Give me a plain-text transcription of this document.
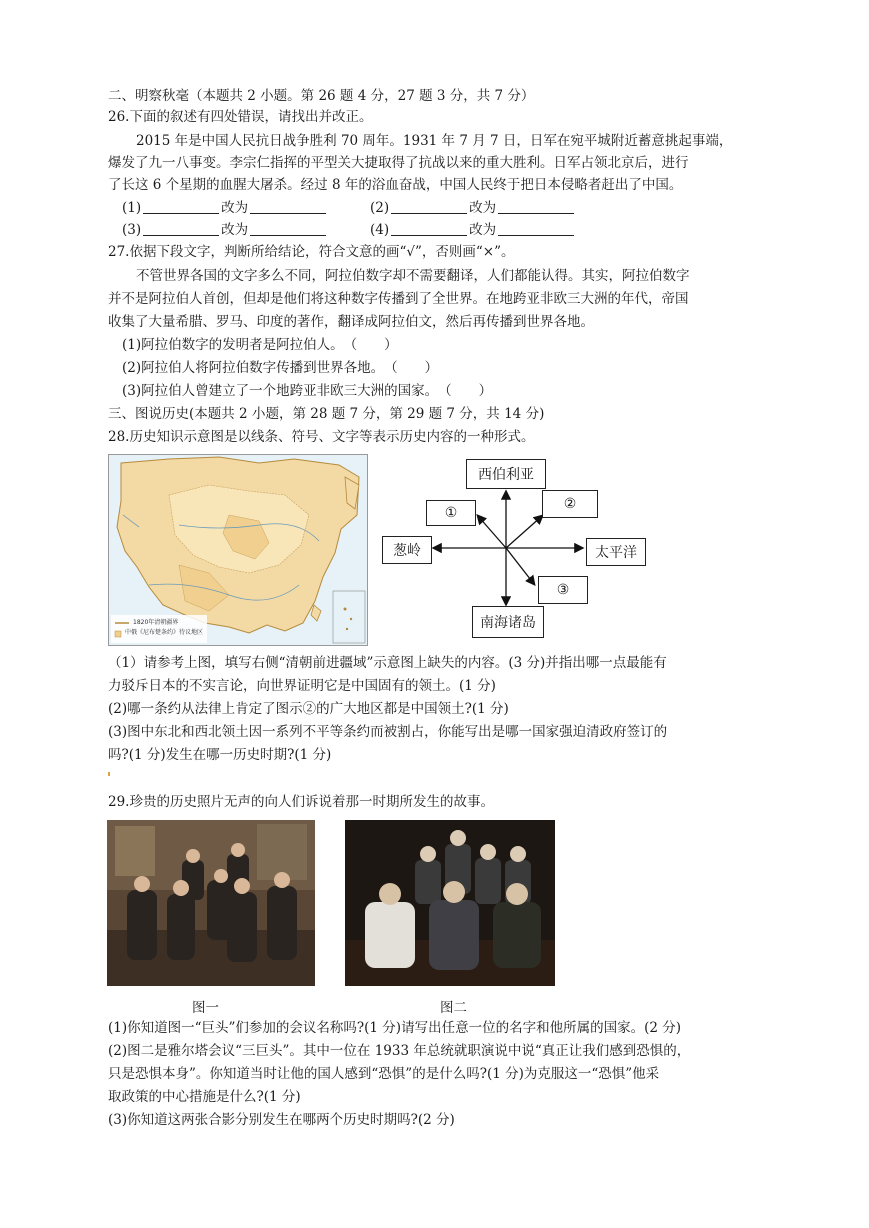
二、明察秋毫（本题共 2 小题。第 26 题 4 分，27 题 3 分，共 7 分）
26.下面的叙述有四处错误，请找出并改正。
2015 年是中国人民抗日战争胜利 70 周年。1931 年 7 月 7 日，日军在宛平城附近蓄意挑起事端，
爆发了九一八事变。李宗仁指挥的平型关大捷取得了抗战以来的重大胜利。日军占领北京后，进行
了长这 6 个星期的血腥大屠杀。经过 8 年的浴血奋战，中国人民终于把日本侵略者赶出了中国。
(1)	改为	(2)	改为
(3)	改为	(4)	改为
27.依据下段文字，判断所给结论，符合文意的画“√”，否则画“×”。
不管世界各国的文字多么不同，阿拉伯数字却不需要翻译，人们都能认得。其实，阿拉伯数字
并不是阿拉伯人首创，但却是他们将这种数字传播到了全世界。在地跨亚非欧三大洲的年代，帝国
收集了大量希腊、罗马、印度的著作，翻译成阿拉伯文，然后再传播到世界各地。
(1)阿拉伯数字的发明者是阿拉伯人。　（　　）
(2)阿拉伯人将阿拉伯数字传播到世界各地。　（　　）
(3)阿拉伯人曾建立了一个地跨亚非欧三大洲的国家。　（　　）
三、图说历史(本题共 2 小题，第 28 题 7 分，第 29 题 7 分，共 14 分)
28.历史知识示意图是以线条、符号、文字等表示历史内容的一种形式。
1820年清朝疆界
中俄《尼布楚条约》待议地区
西伯利亚
①
②
葱岭	太平洋
③
南海诸岛
（1）请参考上图，填写右侧“清朝前进疆域”示意图上缺失的内容。(3 分)并指出哪一点最能有
力驳斥日本的不实言论，向世界证明它是中国固有的领土。(1 分)
(2)哪一条约从法律上肯定了图示②的广大地区都是中国领土?(1 分)
(3)图中东北和西北领土因一系列不平等条约而被割占，你能写出是哪一国家强迫清政府签订的
吗?(1 分)发生在哪一历史时期?(1 分)
29.珍贵的历史照片无声的向人们诉说着那一时期所发生的故事。
图一	图二
(1)你知道图一“巨头”们参加的会议名称吗?(1 分)请写出任意一位的名字和他所属的国家。(2 分)
(2)图二是雅尔塔会议“三巨头”。其中一位在 1933 年总统就职演说中说“真正让我们感到恐惧的，
只是恐惧本身”。你知道当时让他的国人感到“恐惧”的是什么吗?(1 分)为克服这一“恐惧”他采
取政策的中心措施是什么?(1 分)
(3)你知道这两张合影分别发生在哪两个历史时期吗?(2 分)
